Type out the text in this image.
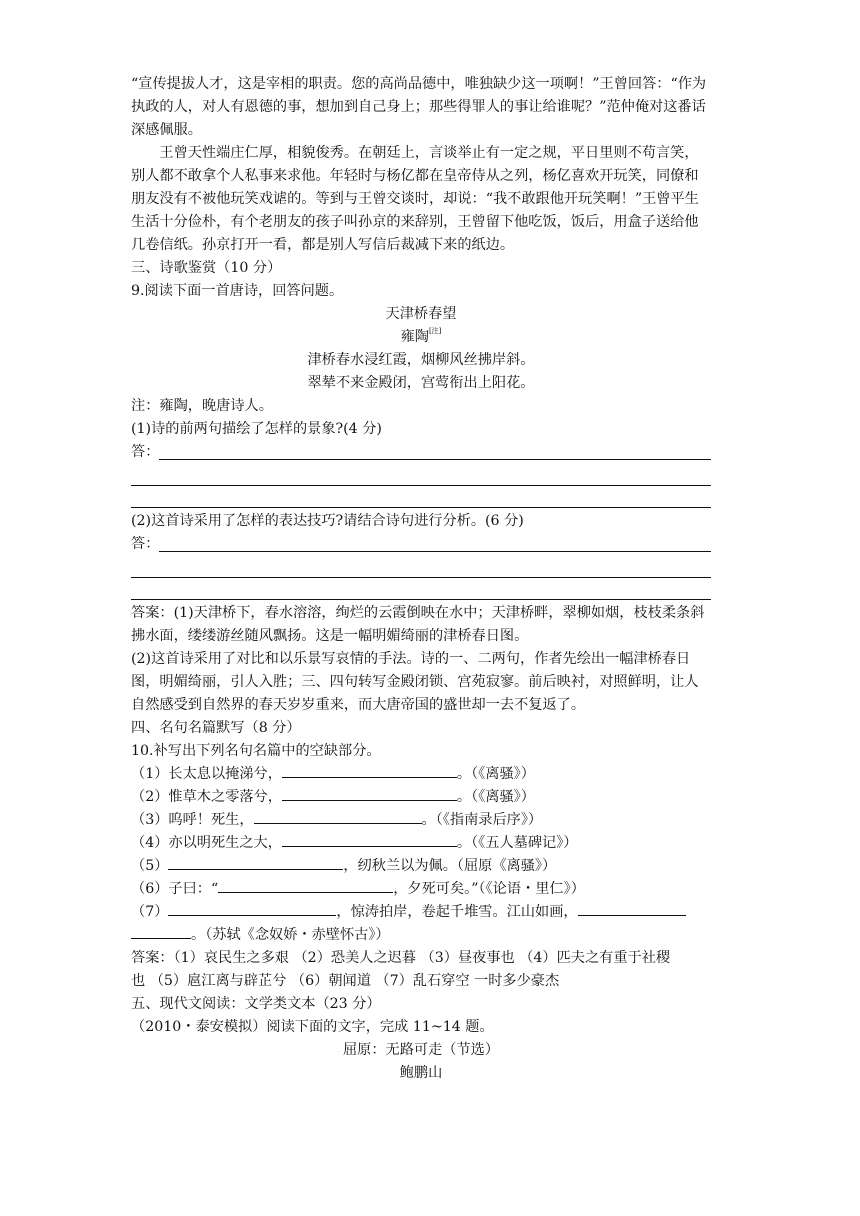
“宣传提拔人才，这是宰相的职责。您的高尚品德中，唯独缺少这一项啊！”王曾回答：“作为执政的人，对人有恩德的事，想加到自己身上；那些得罪人的事让给谁呢？”范仲俺对这番话深感佩服。

王曾天性端庄仁厚，相貌俊秀。在朝廷上，言谈举止有一定之规，平日里则不苟言笑，别人都不敢拿个人私事来求他。年轻时与杨亿都在皇帝侍从之列，杨亿喜欢开玩笑，同僚和朋友没有不被他玩笑戏谑的。等到与王曾交谈时，却说：“我不敢跟他开玩笑啊！”王曾平生生活十分俭朴，有个老朋友的孩子叫孙京的来辞别，王曾留下他吃饭，饭后，用盒子送给他几卷信纸。孙京打开一看，都是别人写信后裁减下来的纸边。

三、诗歌鉴赏（10 分）

9.阅读下面一首唐诗，回答问题。

天津桥春望

雍陶[注]

津桥春水浸红霞，烟柳风丝拂岸斜。

翠辇不来金殿闭，宫莺衔出上阳花。

注：雍陶，晚唐诗人。

(1)诗的前两句描绘了怎样的景象?(4 分)

答：

(2)这首诗采用了怎样的表达技巧?请结合诗句进行分析。(6 分)

答：

答案：(1)天津桥下，春水溶溶，绚烂的云霞倒映在水中；天津桥畔，翠柳如烟，枝枝柔条斜拂水面，缕缕游丝随风飘扬。这是一幅明媚绮丽的津桥春日图。

(2)这首诗采用了对比和以乐景写哀情的手法。诗的一、二两句，作者先绘出一幅津桥春日图，明媚绮丽，引人入胜；三、四句转写金殿闭锁、宫苑寂寥。前后映衬，对照鲜明，让人自然感受到自然界的春天岁岁重来，而大唐帝国的盛世却一去不复返了。

四、名句名篇默写（8 分）

10.补写出下列名句名篇中的空缺部分。

（1）长太息以掩涕兮，	。（《离骚》）

（2）惟草木之零落兮，	。（《离骚》）

（3）呜呼！死生，	。（《指南录后序》）

（4）亦以明死生之大，	。（《五人墓碑记》）

（5）	，纫秋兰以为佩。（屈原《离骚》）

（6）子曰：“	，夕死可矣。”（《论语・里仁》）

（7）	，惊涛拍岸，卷起千堆雪。江山如画，

。（苏轼《念奴娇・赤壁怀古》）

答案：（1）哀民生之多艰 （2）恐美人之迟暮 （3）昼夜事也 （4）匹夫之有重于社稷

也 （5）扈江离与辟芷兮 （6）朝闻道 （7）乱石穿空 一时多少豪杰

五、现代文阅读：文学类文本（23 分）

（2010・泰安模拟）阅读下面的文字，完成 11~14 题。

屈原：无路可走（节选）

鲍鹏山
